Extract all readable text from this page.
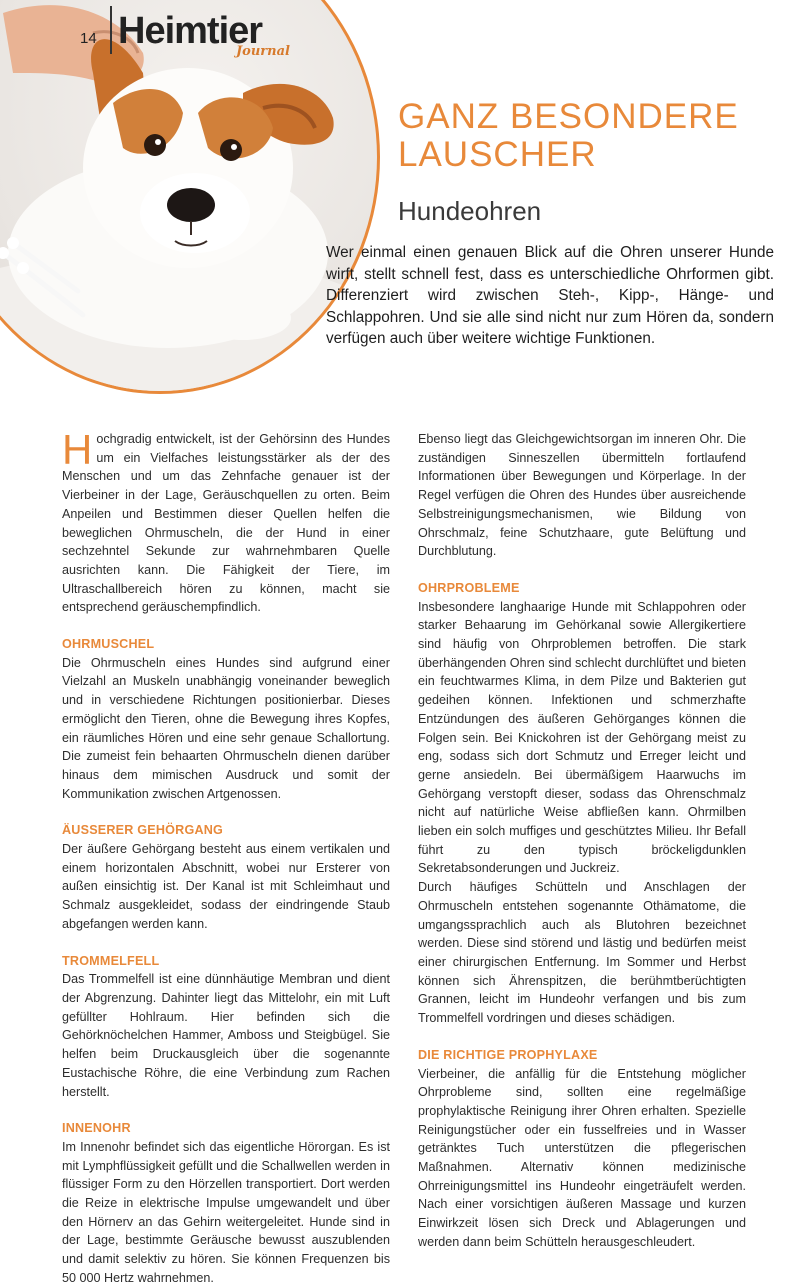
14 Heimtier
Journal
GANZ BESONDERE
LAUSCHER
Hundeohren

Wer einmal einen genauen Blick auf die Ohren unserer Hunde wirft, stellt schnell fest, dass es unterschiedliche Ohrformen gibt. Differenziert wird zwischen Steh-, Kipp-, Hänge- und Schlappohren. Und sie alle sind nicht nur zum Hören da, sondern verfügen auch über weitere wichtige Funktionen.

Hochgradig entwickelt, ist der Gehörsinn des Hundes um ein Vielfaches leistungsstärker als der des Menschen und um das Zehnfache genauer ist der Vierbeiner in der Lage, Geräuschquellen zu orten. Beim Anpeilen und Bestimmen dieser Quellen helfen die beweglichen Ohrmuscheln, die der Hund in einer sechzehntel Sekunde zur wahrnehmbaren Quelle ausrichten kann. Die Fähigkeit der Tiere, im Ultraschallbereich hören zu können, macht sie entsprechend geräuschempfindlich.

OHRMUSCHEL

Die Ohrmuscheln eines Hundes sind aufgrund einer Vielzahl an Muskeln unabhängig voneinander beweglich und in verschiedene Richtungen positionierbar. Dieses ermöglicht den Tieren, ohne die Bewegung ihres Kopfes, ein räumliches Hören und eine sehr genaue Schallortung. Die zumeist fein behaarten Ohrmuscheln dienen darüber hinaus dem mimischen Ausdruck und somit der Kommunikation zwischen Artgenossen.

ÄUSSERER GEHÖRGANG

Der äußere Gehörgang besteht aus einem vertikalen und einem horizontalen Abschnitt, wobei nur Ersterer von außen einsichtig ist. Der Kanal ist mit Schleimhaut und Schmalz ausgekleidet, sodass der eindringende Staub abgefangen werden kann.

TROMMELFELL

Das Trommelfell ist eine dünnhäutige Membran und dient der Abgrenzung. Dahinter liegt das Mittelohr, ein mit Luft gefüllter Hohlraum. Hier befinden sich die Gehörknöchelchen Hammer, Amboss und Steigbügel. Sie helfen beim Druckausgleich über die sogenannte Eustachische Röhre, die eine Verbindung zum Rachen herstellt.

INNENOHR

Im Innenohr befindet sich das eigentliche Hörorgan. Es ist mit Lymphflüssigkeit gefüllt und die Schallwellen werden in flüssiger Form zu den Hörzellen transportiert. Dort werden die Reize in elektrische Impulse umgewandelt und über den Hörnerv an das Gehirn weitergeleitet. Hunde sind in der Lage, bestimmte Geräusche bewusst auszublenden und damit selektiv zu hören. Sie können Frequenzen bis 50 000 Hertz wahrnehmen.

Ebenso liegt das Gleichgewichtsorgan im inneren Ohr. Die zuständigen Sinneszellen übermitteln fortlaufend Informationen über Bewegungen und Körperlage. In der Regel verfügen die Ohren des Hundes über ausreichende Selbstreinigungsmechanismen, wie Bildung von Ohrschmalz, feine Schutzhaare, gute Belüftung und Durchblutung.

OHRPROBLEME

Insbesondere langhaarige Hunde mit Schlappohren oder starker Behaarung im Gehörkanal sowie Allergikertiere sind häufig von Ohrproblemen betroffen. Die stark überhängenden Ohren sind schlecht durchlüftet und bieten ein feuchtwarmes Klima, in dem Pilze und Bakterien gut gedeihen können. Infektionen und schmerzhafte Entzündungen des äußeren Gehörganges können die Folgen sein. Bei Knickohren ist der Gehörgang meist zu eng, sodass sich dort Schmutz und Erreger leicht und gerne ansiedeln. Bei übermäßigem Haarwuchs im Gehörgang verstopft dieser, sodass das Ohrenschmalz nicht auf natürliche Weise abfließen kann. Ohrmilben lieben ein solch muffiges und geschütztes Milieu. Ihr Befall führt zu den typisch bröckeligdunklen Sekretabsonderungen und Juckreiz.

Durch häufiges Schütteln und Anschlagen der Ohrmuscheln entstehen sogenannte Othämatome, die umgangssprachlich auch als Blutohren bezeichnet werden. Diese sind störend und lästig und bedürfen meist einer chirurgischen Entfernung. Im Sommer und Herbst können sich Ährenspitzen, die berühmtberüchtigten Grannen, leicht im Hundeohr verfangen und bis zum Trommelfell vordringen und dieses schädigen.

DIE RICHTIGE PROPHYLAXE

Vierbeiner, die anfällig für die Entstehung möglicher Ohrprobleme sind, sollten eine regelmäßige prophylaktische Reinigung ihrer Ohren erhalten. Spezielle Reinigungstücher oder ein fusselfreies und in Wasser getränktes Tuch unterstützen die pflegerischen Maßnahmen. Alternativ können medizinische Ohrreinigungsmittel ins Hundeohr eingeträufelt werden. Nach einer vorsichtigen äußeren Massage und kurzen Einwirkzeit lösen sich Dreck und Ablagerungen und werden dann beim Schütteln herausgeschleudert.
